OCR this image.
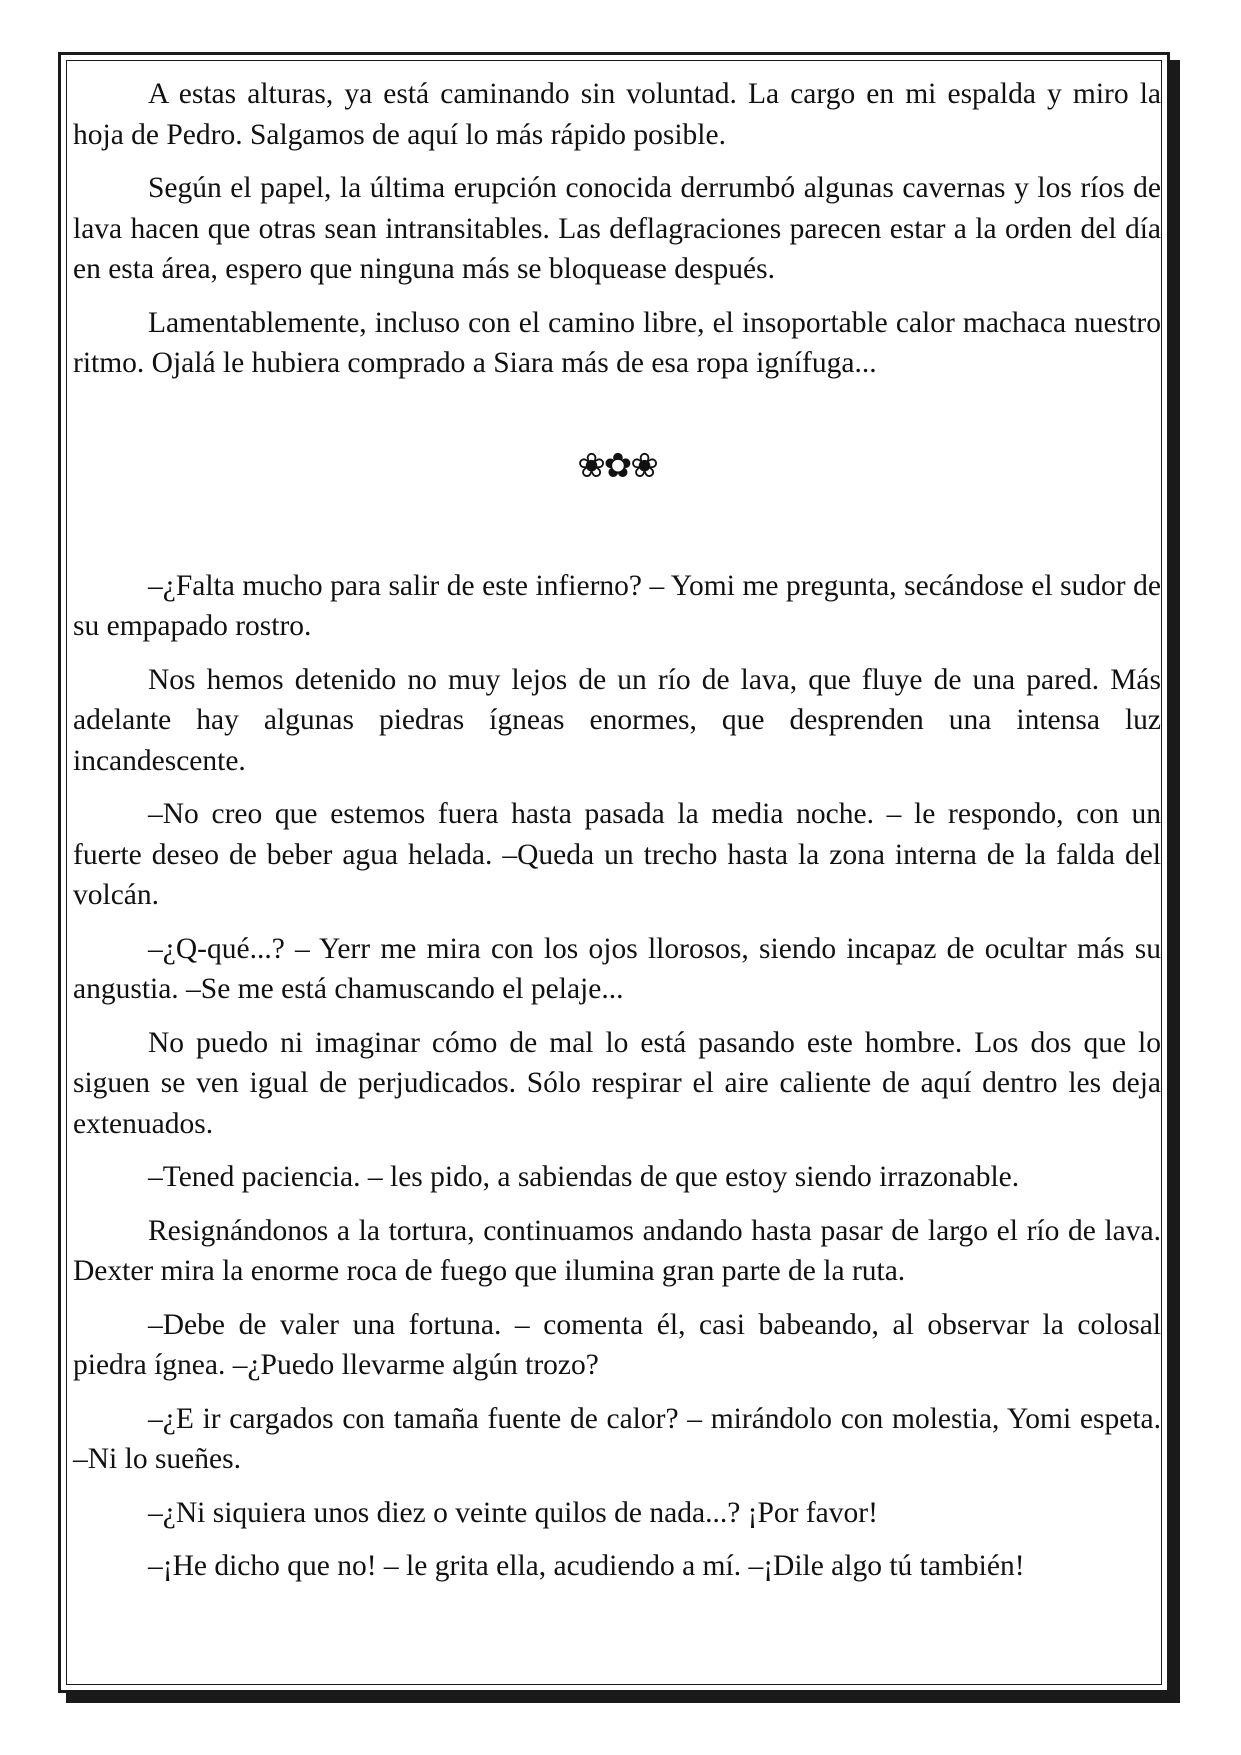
A estas alturas, ya está caminando sin voluntad. La cargo en mi espalda y miro la hoja de Pedro. Salgamos de aquí lo más rápido posible.

Según el papel, la última erupción conocida derrumbó algunas cavernas y los ríos de lava hacen que otras sean intransitables. Las deflagraciones parecen estar a la orden del día en esta área, espero que ninguna más se bloquease después.

Lamentablemente, incluso con el camino libre, el insoportable calor machaca nuestro ritmo. Ojalá le hubiera comprado a Siara más de esa ropa ignífuga...

❀✿❀

–¿Falta mucho para salir de este infierno? – Yomi me pregunta, secándose el sudor de su empapado rostro.

Nos hemos detenido no muy lejos de un río de lava, que fluye de una pared. Más adelante hay algunas piedras ígneas enormes, que desprenden una intensa luz incandescente.

–No creo que estemos fuera hasta pasada la media noche. – le respondo, con un fuerte deseo de beber agua helada. –Queda un trecho hasta la zona interna de la falda del volcán.

–¿Q-qué...? – Yerr me mira con los ojos llorosos, siendo incapaz de ocultar más su angustia. –Se me está chamuscando el pelaje...

No puedo ni imaginar cómo de mal lo está pasando este hombre. Los dos que lo siguen se ven igual de perjudicados. Sólo respirar el aire caliente de aquí dentro les deja extenuados.

–Tened paciencia. – les pido, a sabiendas de que estoy siendo irrazonable.

Resignándonos a la tortura, continuamos andando hasta pasar de largo el río de lava. Dexter mira la enorme roca de fuego que ilumina gran parte de la ruta.

–Debe de valer una fortuna. – comenta él, casi babeando, al observar la colosal piedra ígnea. –¿Puedo llevarme algún trozo?

–¿E ir cargados con tamaña fuente de calor? – mirándolo con molestia, Yomi espeta. –Ni lo sueñes.

–¿Ni siquiera unos diez o veinte quilos de nada...? ¡Por favor!

–¡He dicho que no! – le grita ella, acudiendo a mí. –¡Dile algo tú también!
